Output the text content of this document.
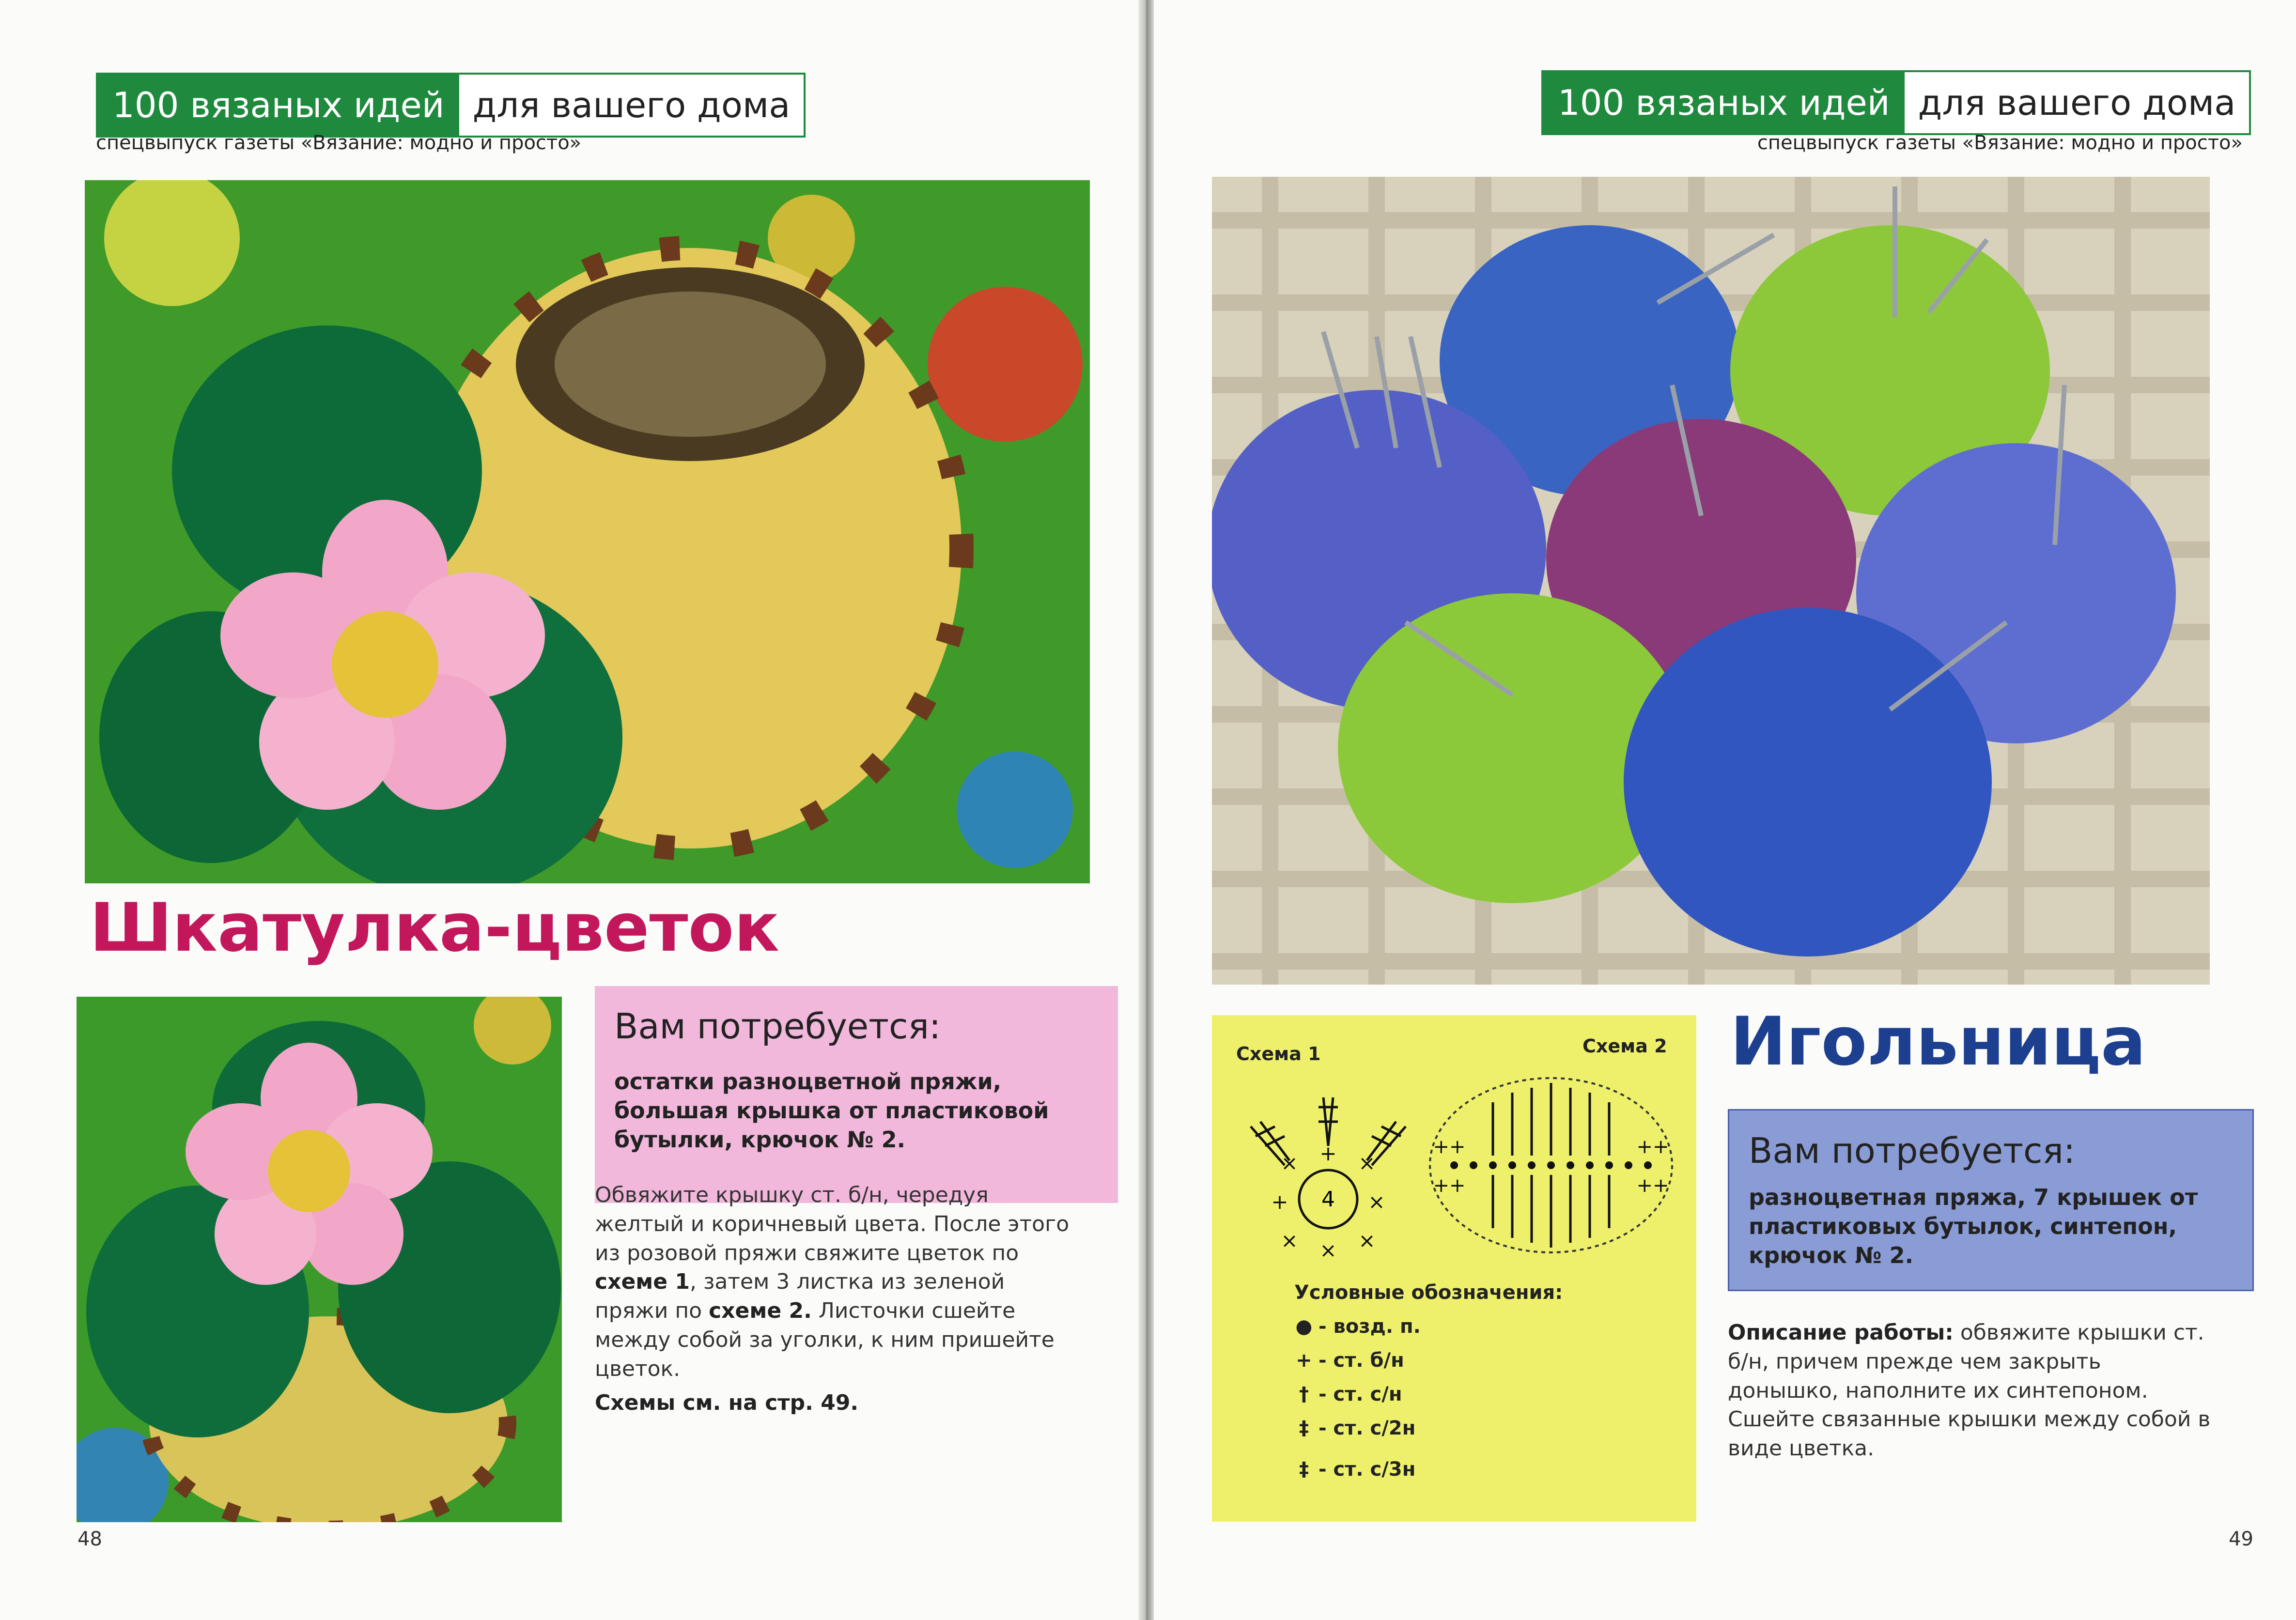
100 вязаных идей для вашего дома
спецвыпуск газеты «Вязание: модно и просто»
Шкатулка-цветок
Вам потребуется:
остатки разноцветной пряжи, большая крышка от пластиковой бутылки, крючок № 2.
Обвяжите крышку ст. б/н, чередуя желтый и коричневый цвета. После этого из розовой пряжи свяжите цветок по схеме 1, затем 3 листка из зеленой пряжи по схеме 2. Листочки сшейте между собой за уголки, к ним пришейте цветок.
Схемы см. на стр. 49.
48
100 вязаных идей для вашего дома
спецвыпуск газеты «Вязание: модно и просто»
Схема 1	Схема 2
4
+
×	×
+	×
×	×
×
++	++
++	++
Условные обозначения:
● - возд. п.
+ - ст. б/н
† - ст. с/н
‡ - ст. с/2н
‡ - ст. с/3н
Игольница
Вам потребуется:
разноцветная пряжа, 7 крышек от пластиковых бутылок, синтепон, крючок № 2.
Описание работы: обвяжите крышки ст. б/н, причем прежде чем закрыть донышко, наполните их синтепоном. Сшейте связанные крышки между собой в виде цветка.
49
